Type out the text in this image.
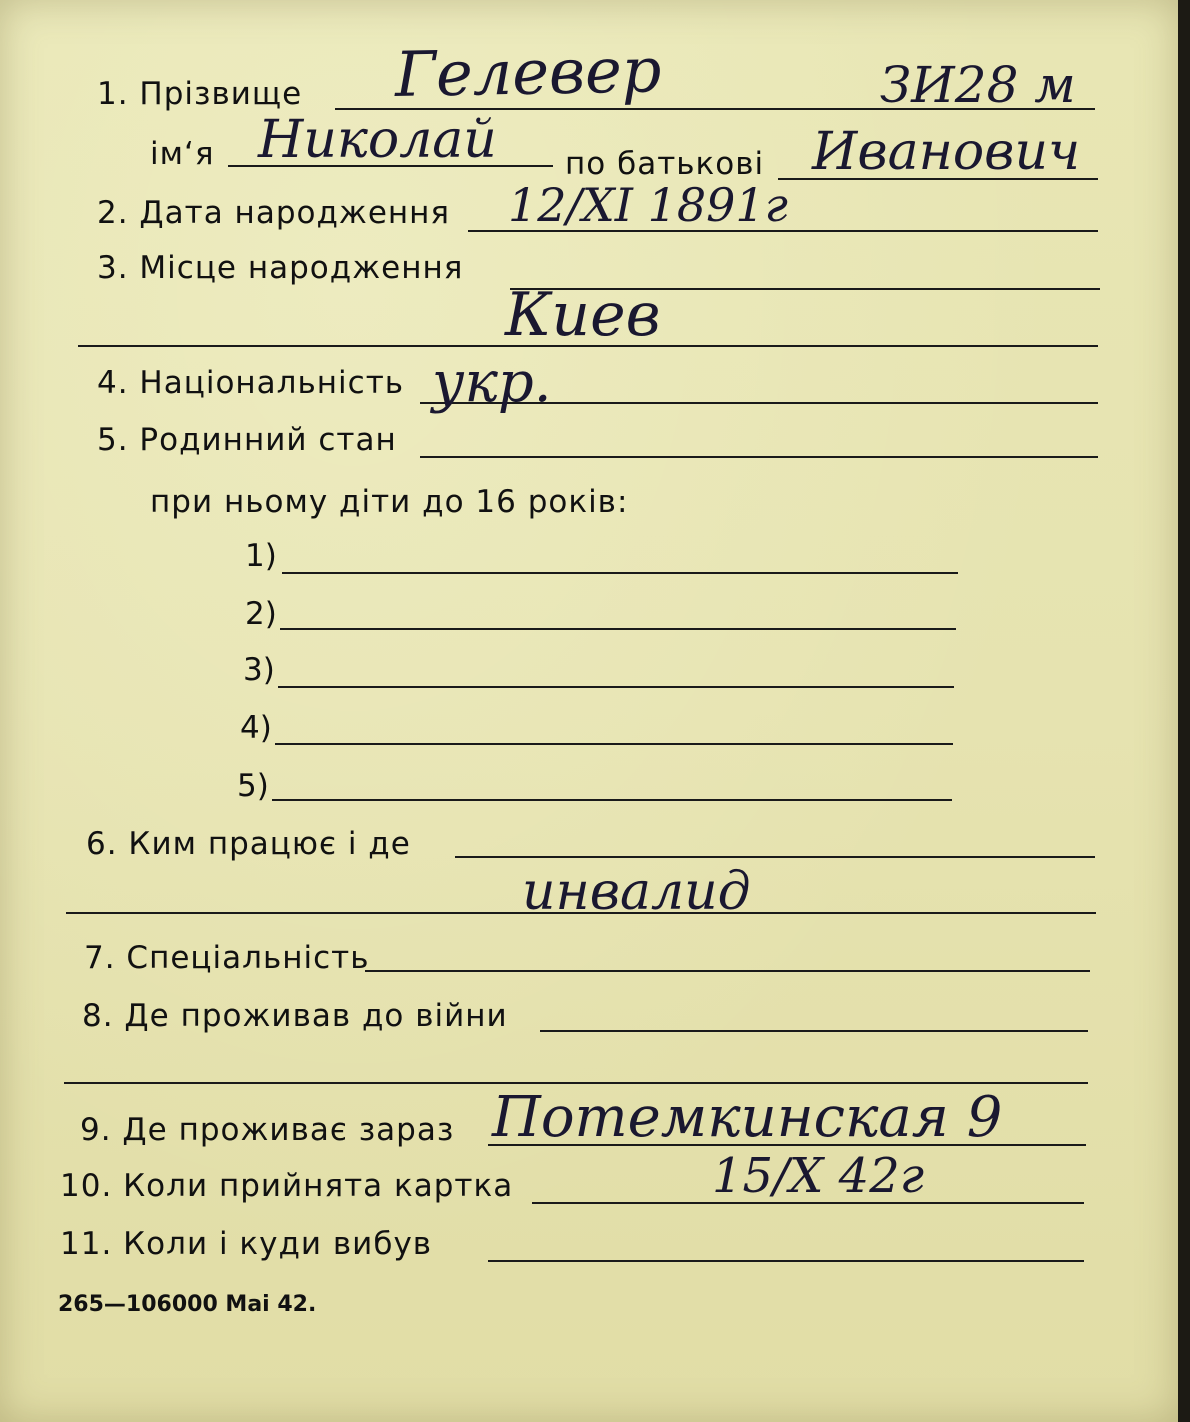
1. Прізвище Гелевер	ЗИ28 м
ім‘я Николай по батькові Иванович
2. Дата народження 12/XI 1891г
3. Місце народження
Киев
4. Національність укр.
5. Родинний стан
при ньому діти до 16 років:
1)
2)
3)
4)
5)
6. Ким працює і де
инвалид
7. Спеціальність
8. Де проживав до війни
9. Де проживає зараз Потемкинская 9
10. Коли прийнята картка	15/X 42г
11. Коли і куди вибув
265—106000 Mai 42.
